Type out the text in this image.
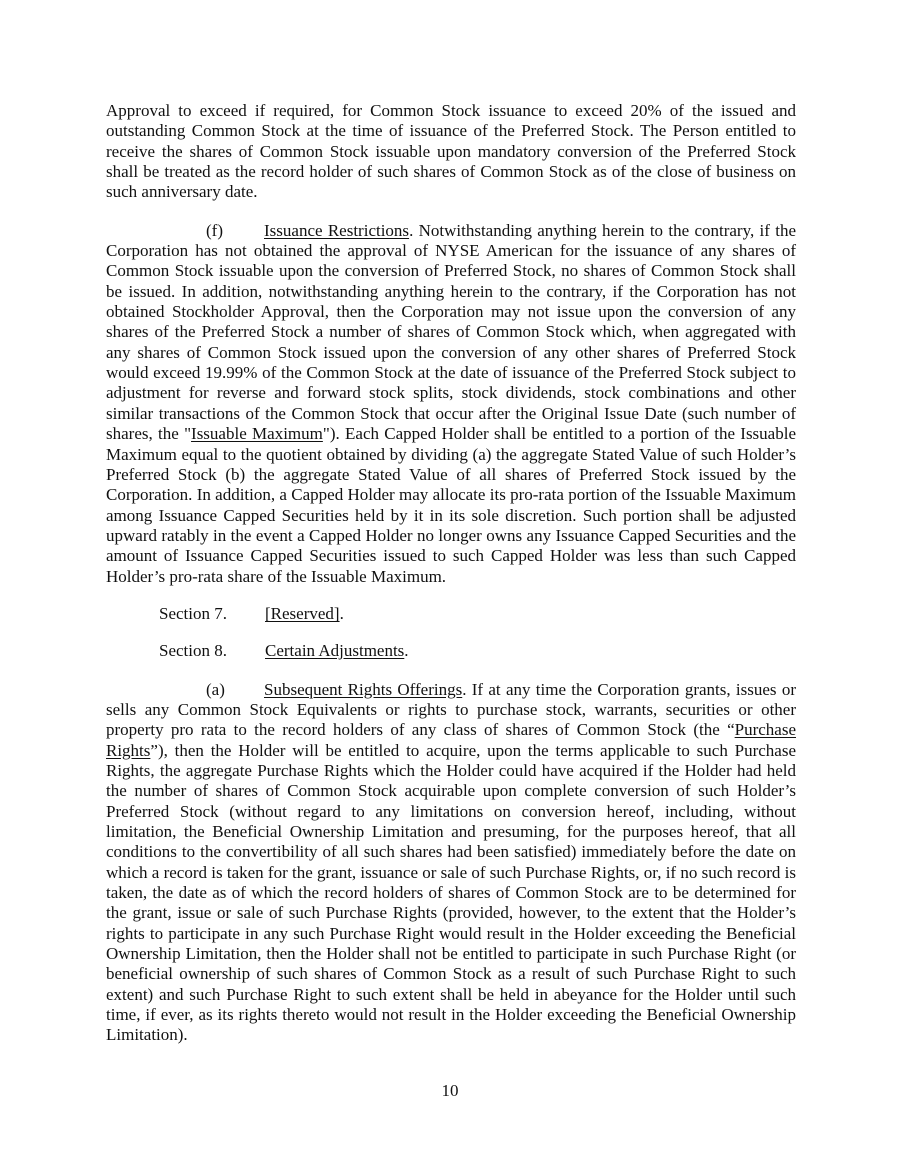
Approval to exceed if required, for Common Stock issuance to exceed 20% of the issued and outstanding Common Stock at the time of issuance of the Preferred Stock. The Person entitled to receive the shares of Common Stock issuable upon mandatory conversion of the Preferred Stock shall be treated as the record holder of such shares of Common Stock as of the close of business on such anniversary date.

(f) Issuance Restrictions. Notwithstanding anything herein to the contrary, if the Corporation has not obtained the approval of NYSE American for the issuance of any shares of Common Stock issuable upon the conversion of Preferred Stock, no shares of Common Stock shall be issued. In addition, notwithstanding anything herein to the contrary, if the Corporation has not obtained Stockholder Approval, then the Corporation may not issue upon the conversion of any shares of the Preferred Stock a number of shares of Common Stock which, when aggregated with any shares of Common Stock issued upon the conversion of any other shares of Preferred Stock would exceed 19.99% of the Common Stock at the date of issuance of the Preferred Stock subject to adjustment for reverse and forward stock splits, stock dividends, stock combinations and other similar transactions of the Common Stock that occur after the Original Issue Date (such number of shares, the "Issuable Maximum"). Each Capped Holder shall be entitled to a portion of the Issuable Maximum equal to the quotient obtained by dividing (a) the aggregate Stated Value of such Holder’s Preferred Stock (b) the aggregate Stated Value of all shares of Preferred Stock issued by the Corporation. In addition, a Capped Holder may allocate its pro-rata portion of the Issuable Maximum among Issuance Capped Securities held by it in its sole discretion. Such portion shall be adjusted upward ratably in the event a Capped Holder no longer owns any Issuance Capped Securities and the amount of Issuance Capped Securities issued to such Capped Holder was less than such Capped Holder’s pro-rata share of the Issuable Maximum.

Section 7. [Reserved].

Section 8. Certain Adjustments.

(a) Subsequent Rights Offerings. If at any time the Corporation grants, issues or sells any Common Stock Equivalents or rights to purchase stock, warrants, securities or other property pro rata to the record holders of any class of shares of Common Stock (the “Purchase Rights”), then the Holder will be entitled to acquire, upon the terms applicable to such Purchase Rights, the aggregate Purchase Rights which the Holder could have acquired if the Holder had held the number of shares of Common Stock acquirable upon complete conversion of such Holder’s Preferred Stock (without regard to any limitations on conversion hereof, including, without limitation, the Beneficial Ownership Limitation and presuming, for the purposes hereof, that all conditions to the convertibility of all such shares had been satisfied) immediately before the date on which a record is taken for the grant, issuance or sale of such Purchase Rights, or, if no such record is taken, the date as of which the record holders of shares of Common Stock are to be determined for the grant, issue or sale of such Purchase Rights (provided, however, to the extent that the Holder’s rights to participate in any such Purchase Right would result in the Holder exceeding the Beneficial Ownership Limitation, then the Holder shall not be entitled to participate in such Purchase Right (or beneficial ownership of such shares of Common Stock as a result of such Purchase Right to such extent) and such Purchase Right to such extent shall be held in abeyance for the Holder until such time, if ever, as its rights thereto would not result in the Holder exceeding the Beneficial Ownership Limitation).

10
